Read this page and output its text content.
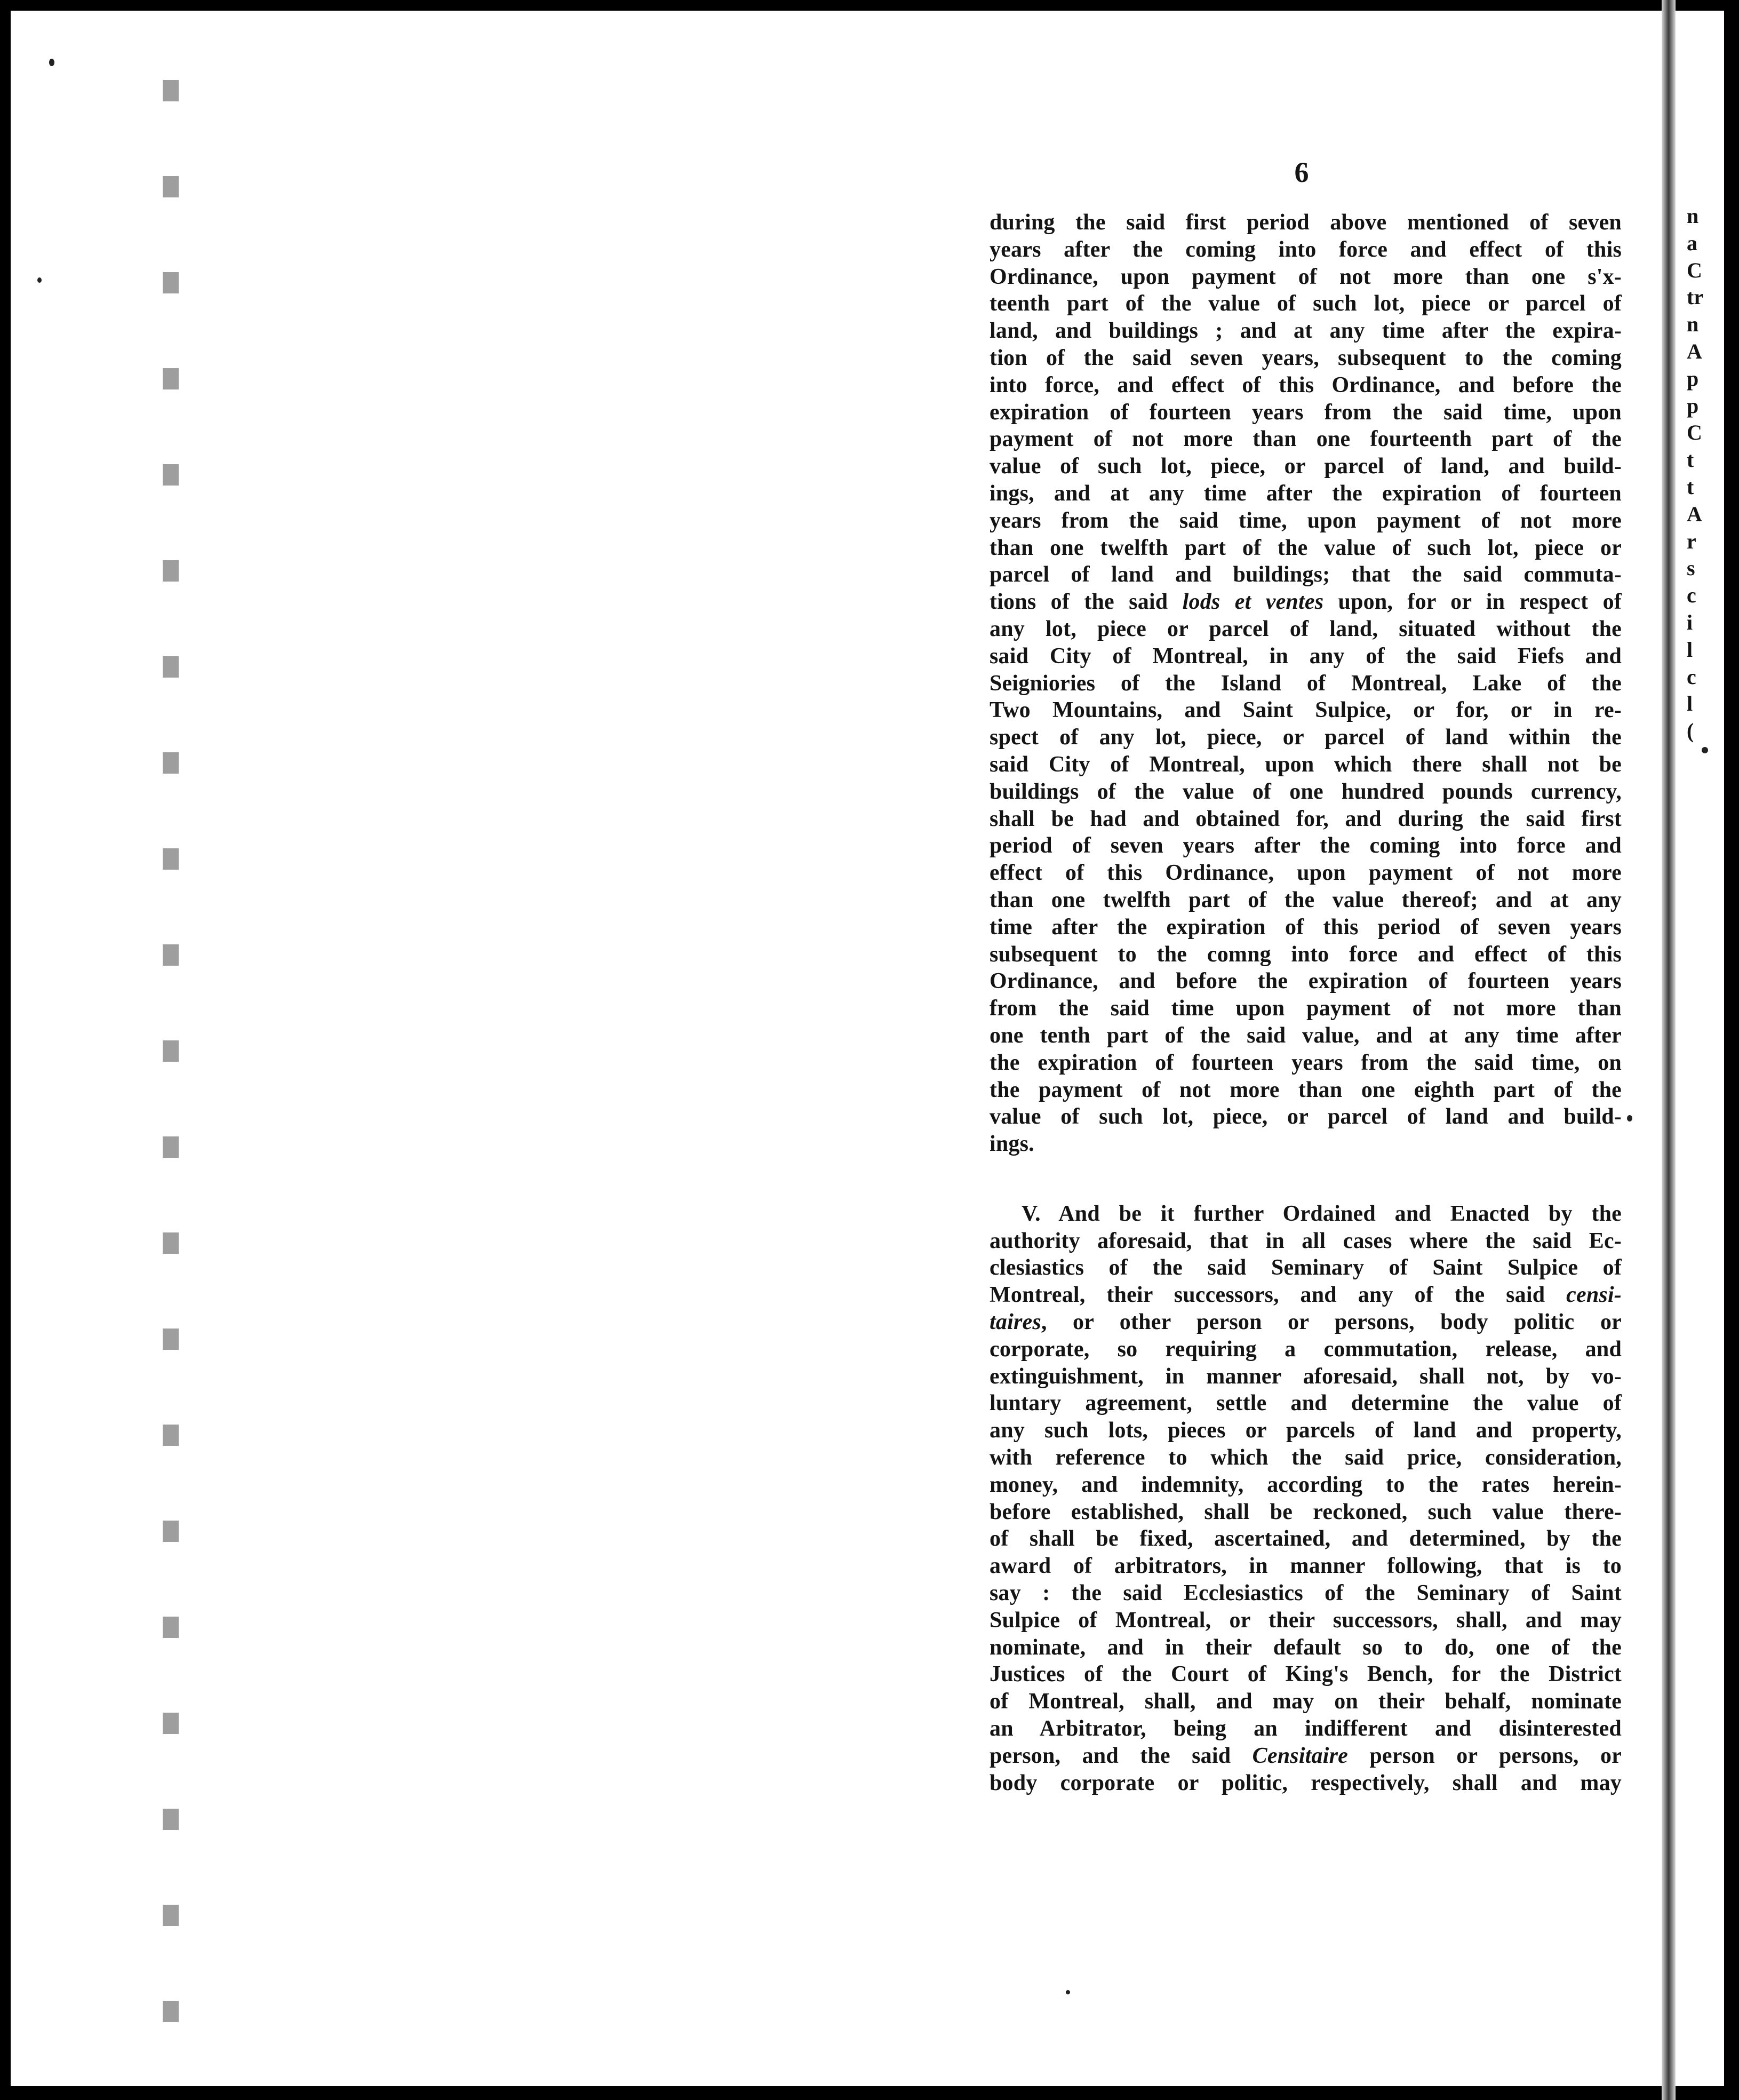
6
during the said first period above mentioned of seven
years after the coming into force and effect of this
Ordinance, upon payment of not more than one s'x-
teenth part of the value of such lot, piece or parcel of
land, and buildings ; and at any time after the expira-
tion of the said seven years, subsequent to the coming
into force, and effect of this Ordinance, and before the
expiration of fourteen years from the said time, upon
payment of not more than one fourteenth part of the
value of such lot, piece, or parcel of land, and build-
ings, and at any time after the expiration of fourteen
years from the said time, upon payment of not more
than one twelfth part of the value of such lot, piece or
parcel of land and buildings; that the said commuta-
tions of the said lods et ventes upon, for or in respect of
any lot, piece or parcel of land, situated without the
said City of Montreal, in any of the said Fiefs and
Seigniories of the Island of Montreal, Lake of the
Two Mountains, and Saint Sulpice, or for, or in re-
spect of any lot, piece, or parcel of land within the
said City of Montreal, upon which there shall not be
buildings of the value of one hundred pounds currency,
shall be had and obtained for, and during the said first
period of seven years after the coming into force and
effect of this Ordinance, upon payment of not more
than one twelfth part of the value thereof; and at any
time after the expiration of this period of seven years
subsequent to the comng into force and effect of this
Ordinance, and before the expiration of fourteen years
from the said time upon payment of not more than
one tenth part of the said value, and at any time after
the expiration of fourteen years from the said time, on
the payment of not more than one eighth part of the
value of such lot, piece, or parcel of land and build-
ings.
V. And be it further Ordained and Enacted by the
authority aforesaid, that in all cases where the said Ec-
clesiastics of the said Seminary of Saint Sulpice of
Montreal, their successors, and any of the said censi-
taires, or other person or persons, body politic or
corporate, so requiring a commutation, release, and
extinguishment, in manner aforesaid, shall not, by vo-
luntary agreement, settle and determine the value of
any such lots, pieces or parcels of land and property,
with reference to which the said price, consideration,
money, and indemnity, according to the rates herein-
before established, shall be reckoned, such value there-
of shall be fixed, ascertained, and determined, by the
award of arbitrators, in manner following, that is to
say : the said Ecclesiastics of the Seminary of Saint
Sulpice of Montreal, or their successors, shall, and may
nominate, and in their default so to do, one of the
Justices of the Court of King's Bench, for the District
of Montreal, shall, and may on their behalf, nominate
an Arbitrator, being an indifferent and disinterested
person, and the said Censitaire person or persons, or
body corporate or politic, respectively, shall and may
n
a
C
tr
n
A
p
p
C
t
t
A
r
s
c
i
l
c
l
(
